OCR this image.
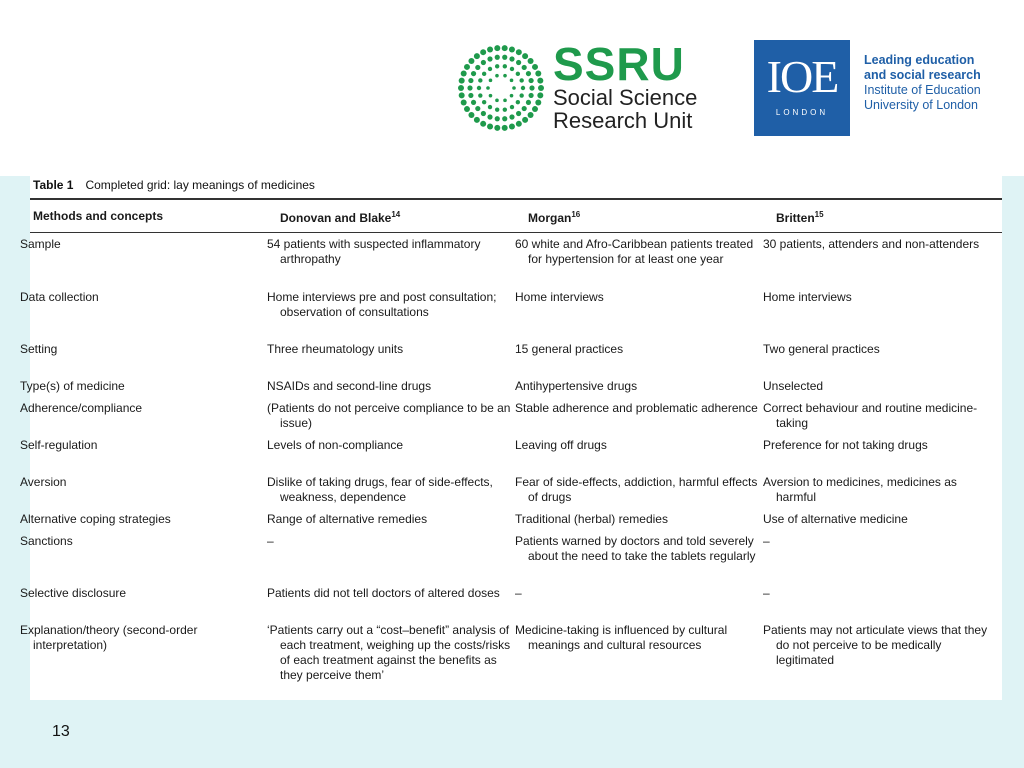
SSRU
Social Science
Research Unit
IOE
LONDON
Leading education
and social research
Institute of Education
University of London
Table 1 Completed grid: lay meanings of medicines
Methods and concepts	Donovan and Blake$^{14}$	Morgan$^{16}$	Britten$^{15}$
Sample	54 patients with suspected inflammatory arthropathy	60 white and Afro-Caribbean patients treated for hypertension for at least one year	30 patients, attenders and non-attenders
Data collection	Home interviews pre and post consultation; observation of consultations	Home interviews	Home interviews
Setting	Three rheumatology units	15 general practices	Two general practices
Type(s) of medicine	NSAIDs and second-line drugs	Antihypertensive drugs	Unselected
Adherence/compliance	(Patients do not perceive compliance to be an issue)	Stable adherence and problematic adherence	Correct behaviour and routine medicine-taking
Self-regulation	Levels of non-compliance	Leaving off drugs	Preference for not taking drugs
Aversion	Dislike of taking drugs, fear of side-effects, weakness, dependence	Fear of side-effects, addiction, harmful effects of drugs	Aversion to medicines, medicines as harmful
Alternative coping strategies	Range of alternative remedies	Traditional (herbal) remedies	Use of alternative medicine
Sanctions	–	Patients warned by doctors and told severely about the need to take the tablets regularly	–
Selective disclosure	Patients did not tell doctors of altered doses	–	–
Explanation/theory (second-order interpretation)	‘Patients carry out a “cost–benefit” analysis of each treatment, weighing up the costs/risks of each treatment against the benefits as they perceive them’	Medicine-taking is influenced by cultural meanings and cultural resources	Patients may not articulate views that they do not perceive to be medically legitimated
13
